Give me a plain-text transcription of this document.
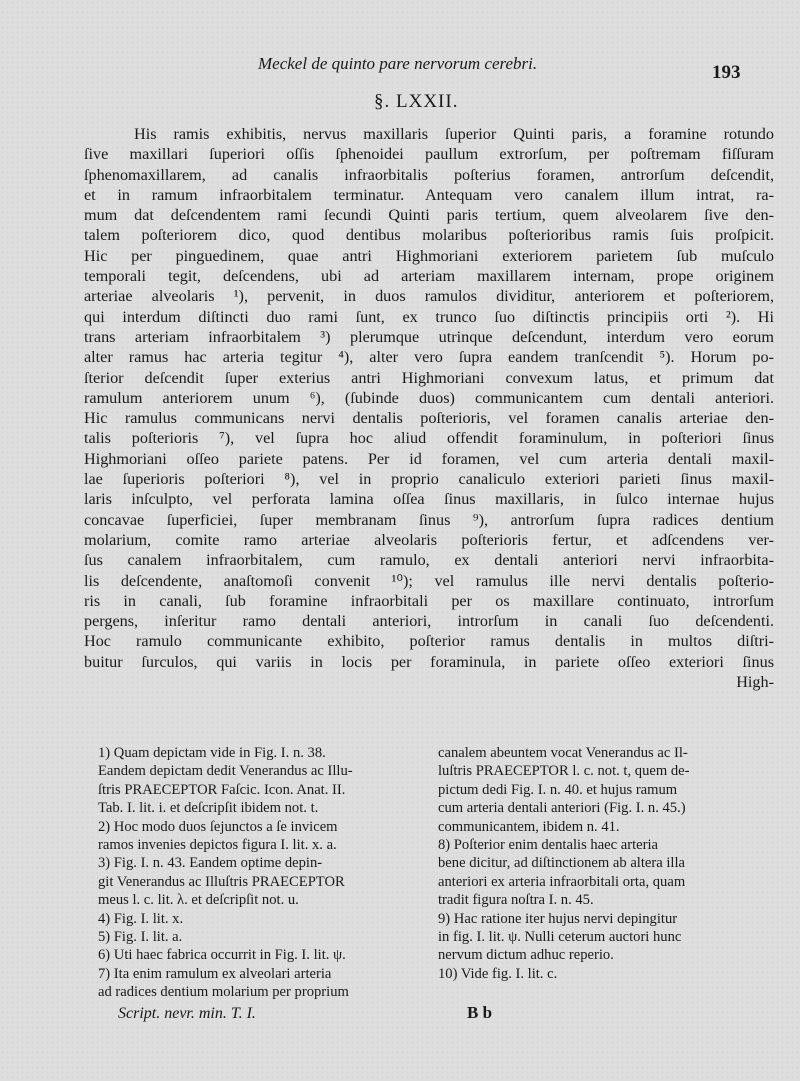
Meckel de quinto pare nervorum cerebri.	193
§. LXXII.
His ramis exhibitis, nervus maxillaris ſuperior Quinti paris, a foramine rotundo
ſive maxillari ſuperiori oſſis ſphenoidei paullum extrorſum, per poſtremam fiſſuram
ſphenomaxillarem, ad canalis infraorbitalis poſterius foramen, antrorſum deſcendit,
et in ramum infraorbitalem terminatur. Antequam vero canalem illum intrat, ra-
mum dat deſcendentem rami ſecundi Quinti paris tertium, quem alveolarem ſive den-
talem poſteriorem dico, quod dentibus molaribus poſterioribus ramis ſuis proſpicit.
Hic per pinguedinem, quae antri Highmoriani exteriorem parietem ſub muſculo
temporali tegit, deſcendens, ubi ad arteriam maxillarem internam, prope originem
arteriae alveolaris ¹), pervenit, in duos ramulos dividitur, anteriorem et poſteriorem,
qui interdum diſtincti duo rami ſunt, ex trunco ſuo diſtinctis principiis orti ²). Hi
trans arteriam infraorbitalem ³) plerumque utrinque deſcendunt, interdum vero eorum
alter ramus hac arteria tegitur ⁴), alter vero ſupra eandem tranſcendit ⁵). Horum po-
ſterior deſcendit ſuper exterius antri Highmoriani convexum latus, et primum dat
ramulum anteriorem unum ⁶), (ſubinde duos) communicantem cum dentali anteriori.
Hic ramulus communicans nervi dentalis poſterioris, vel foramen canalis arteriae den-
talis poſterioris ⁷), vel ſupra hoc aliud offendit foraminulum, in poſteriori ſinus
Highmoriani oſſeo pariete patens. Per id foramen, vel cum arteria dentali maxil-
lae ſuperioris poſteriori ⁸), vel in proprio canaliculo exteriori parieti ſinus maxil-
laris inſculpto, vel perforata lamina oſſea ſinus maxillaris, in ſulco internae hujus
concavae ſuperficiei, ſuper membranam ſinus ⁹), antrorſum ſupra radices dentium
molarium, comite ramo arteriae alveolaris poſterioris fertur, et adſcendens ver-
ſus canalem infraorbitalem, cum ramulo, ex dentali anteriori nervi infraorbita-
lis deſcendente, anaſtomoſi convenit ¹⁰); vel ramulus ille nervi dentalis poſterio-
ris in canali, ſub foramine infraorbitali per os maxillare continuato, introrſum
pergens, inſeritur ramo dentali anteriori, introrſum in canali ſuo deſcendenti.
Hoc ramulo communicante exhibito, poſterior ramus dentalis in multos diſtri-
buitur ſurculos, qui variis in locis per foraminula, in pariete oſſeo exteriori ſinus
High-
1) Quam depictam vide in Fig. I. n. 38.
Eandem depictam dedit Venerandus ac Illu-
ſtris PRAECEPTOR Faſcic. Icon. Anat. II.
Tab. I. lit. i. et deſcripſit ibidem not. t.
2) Hoc modo duos ſejunctos a ſe invicem
ramos invenies depictos figura I. lit. x. a.
3) Fig. I. n. 43. Eandem optime depin-
git Venerandus ac Illuſtris PRAECEPTOR
meus l. c. lit. λ. et deſcripſit not. u.
4) Fig. I. lit. x.
5) Fig. I. lit. a.
6) Uti haec fabrica occurrit in Fig. I. lit. ψ.
7) Ita enim ramulum ex alveolari arteria
ad radices dentium molarium per proprium
canalem abeuntem vocat Venerandus ac Il-
luſtris PRAECEPTOR l. c. not. t, quem de-
pictum dedi Fig. I. n. 40. et hujus ramum
cum arteria dentali anteriori (Fig. I. n. 45.)
communicantem, ibidem n. 41.
8) Poſterior enim dentalis haec arteria
bene dicitur, ad diſtinctionem ab altera illa
anteriori ex arteria infraorbitali orta, quam
tradit figura noſtra I. n. 45.
9) Hac ratione iter hujus nervi depingitur
in fig. I. lit. ψ. Nulli ceterum auctori hunc
nervum dictum adhuc reperio.
10) Vide fig. I. lit. c.
Script. nevr. min. T. I.	B b
